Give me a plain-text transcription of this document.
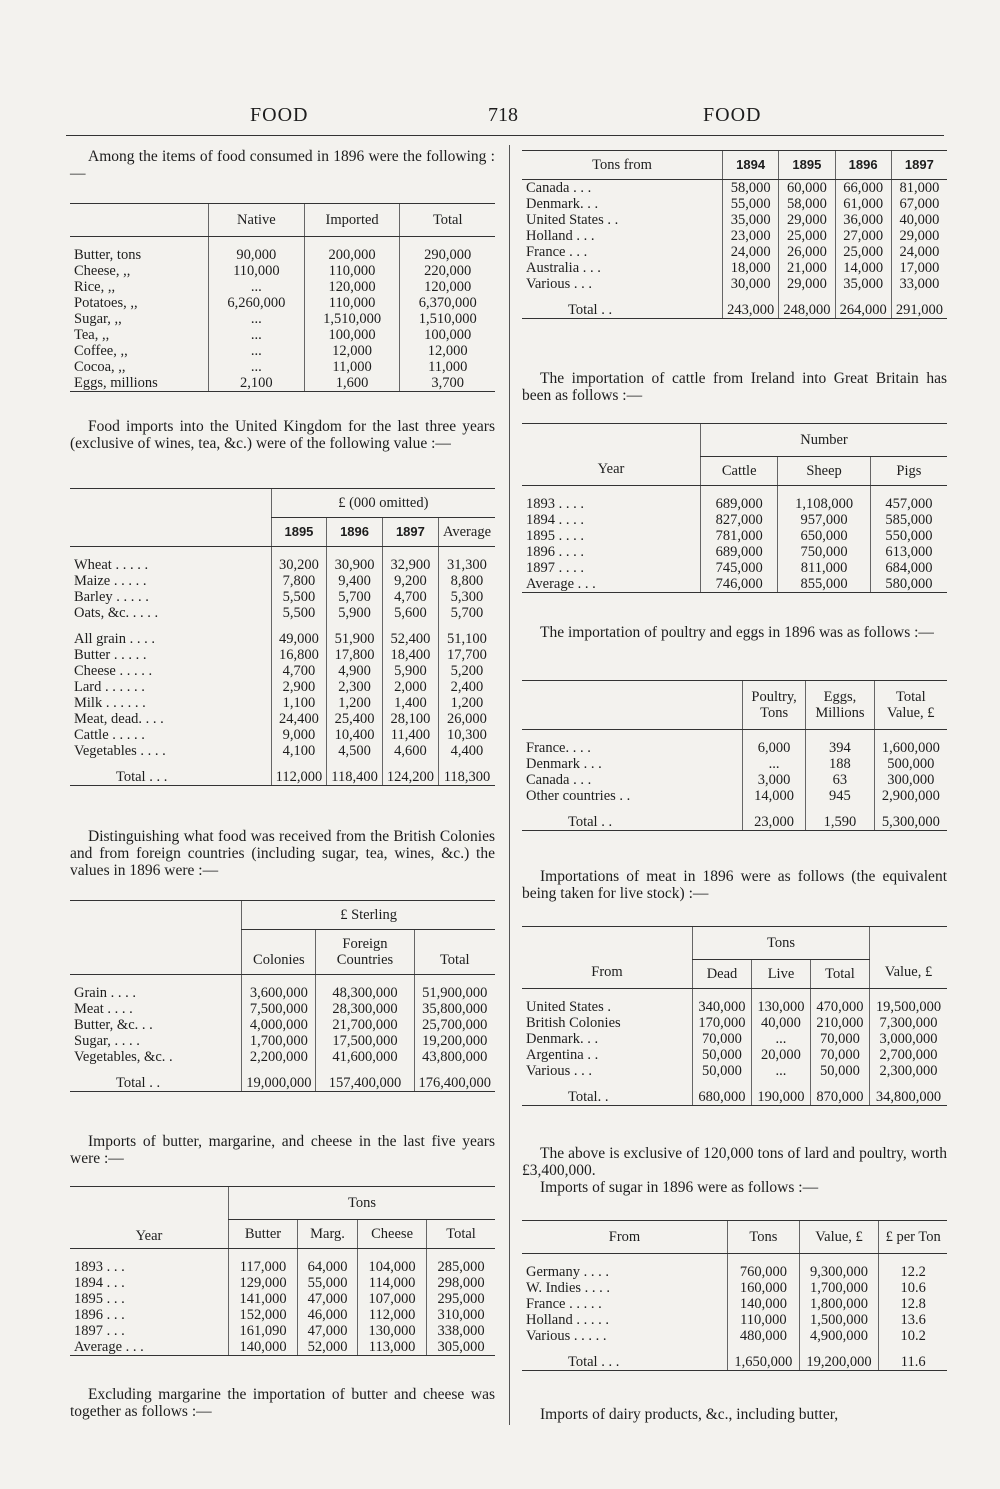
FOOD	718	FOOD

Among the items of food consumed in 1896 were the following :—

	Native	Imported	Total

Butter, tons	90,000	200,000	290,000
Cheese, ,,	110,000	110,000	220,000
Rice, ,,	...	120,000	120,000
Potatoes, ,,	6,260,000	110,000	6,370,000
Sugar, ,,	...	1,510,000	1,510,000
Tea, ,,	...	100,000	100,000
Coffee, ,,	...	12,000	12,000
Cocoa, ,,	...	11,000	11,000
Eggs, millions	2,100	1,600	3,700

Food imports into the United Kingdom for the last three years (exclusive of wines, tea, &c.) were of the following value :—

	£ (000 omitted)			
	1895	1896	1897	Average

Wheat . . . . .	30,200	30,900	32,900	31,300
Maize . . . . .	7,800	9,400	9,200	8,800
Barley . . . . .	5,500	5,700	4,700	5,300
Oats, &c. . . . .	5,500	5,900	5,600	5,700

All grain . . . .	49,000	51,900	52,400	51,100
Butter . . . . .	16,800	17,800	18,400	17,700
Cheese . . . . .	4,700	4,900	5,900	5,200
Lard . . . . . .	2,900	2,300	2,000	2,400
Milk . . . . . .	1,100	1,200	1,400	1,200
Meat, dead. . . .	24,400	25,400	28,100	26,000
Cattle . . . . .	9,000	10,400	11,400	10,300
Vegetables . . . .	4,100	4,500	4,600	4,400

Total . . .	112,000	118,400	124,200	118,300

Distinguishing what food was received from the British Colonies and from foreign countries (including sugar, tea, wines, &c.) the values in 1896 were :—

	£ Sterling		
	Colonies	Foreign Countries	Total

Grain . . . .	3,600,000	48,300,000	51,900,000
Meat . . . .	7,500,000	28,300,000	35,800,000
Butter, &c. . .	4,000,000	21,700,000	25,700,000
Sugar, . . . .	1,700,000	17,500,000	19,200,000
Vegetables, &c. .	2,200,000	41,600,000	43,800,000

Total . .	19,000,000	157,400,000	176,400,000

Imports of butter, margarine, and cheese in the last five years were :—

Year	Tons			
	Butter	Marg.	Cheese	Total

1893 . . .	117,000	64,000	104,000	285,000
1894 . . .	129,000	55,000	114,000	298,000
1895 . . .	141,000	47,000	107,000	295,000
1896 . . .	152,000	46,000	112,000	310,000
1897 . . .	161,090	47,000	130,000	338,000
Average . . .	140,000	52,000	113,000	305,000

Excluding margarine the importation of butter and cheese was together as follows :—

Tons from	1894	1895	1896	1897
Canada . . .	58,000	60,000	66,000	81,000
Denmark. . .	55,000	58,000	61,000	67,000
United States . .	35,000	29,000	36,000	40,000
Holland . . .	23,000	25,000	27,000	29,000
France . . .	24,000	26,000	25,000	24,000
Australia . . .	18,000	21,000	14,000	17,000
Various . . .	30,000	29,000	35,000	33,000

Total . .	243,000	248,000	264,000	291,000

The importation of cattle from Ireland into Great Britain has been as follows :—

Year	Number		
	Cattle	Sheep	Pigs

1893 . . . .	689,000	1,108,000	457,000
1894 . . . .	827,000	957,000	585,000
1895 . . . .	781,000	650,000	550,000
1896 . . . .	689,000	750,000	613,000
1897 . . . .	745,000	811,000	684,000
Average . . .	746,000	855,000	580,000

The importation of poultry and eggs in 1896 was as follows :—

	Poultry, Tons	Eggs, Millions	Total Value, £

France. . . .	6,000	394	1,600,000
Denmark . . .	...	188	500,000
Canada . . .	3,000	63	300,000
Other countries . .	14,000	945	2,900,000

Total . .	23,000	1,590	5,300,000

Importations of meat in 1896 were as follows (the equivalent being taken for live stock) :—

From	Tons			Value, £
	Dead	Live	Total	

United States .	340,000	130,000	470,000	19,500,000
British Colonies	170,000	40,000	210,000	7,300,000
Denmark. . .	70,000	...	70,000	3,000,000
Argentina . .	50,000	20,000	70,000	2,700,000
Various . . .	50,000	...	50,000	2,300,000

Total. .	680,000	190,000	870,000	34,800,000

The above is exclusive of 120,000 tons of lard and poultry, worth £3,400,000.

Imports of sugar in 1896 were as follows :—

From	Tons	Value, £	£ per Ton

Germany . . . .	760,000	9,300,000	12.2
W. Indies . . . .	160,000	1,700,000	10.6
France . . . . .	140,000	1,800,000	12.8
Holland . . . . .	110,000	1,500,000	13.6
Various . . . . .	480,000	4,900,000	10.2

Total . . .	1,650,000	19,200,000	11.6

Imports of dairy products, &c., including butter,
